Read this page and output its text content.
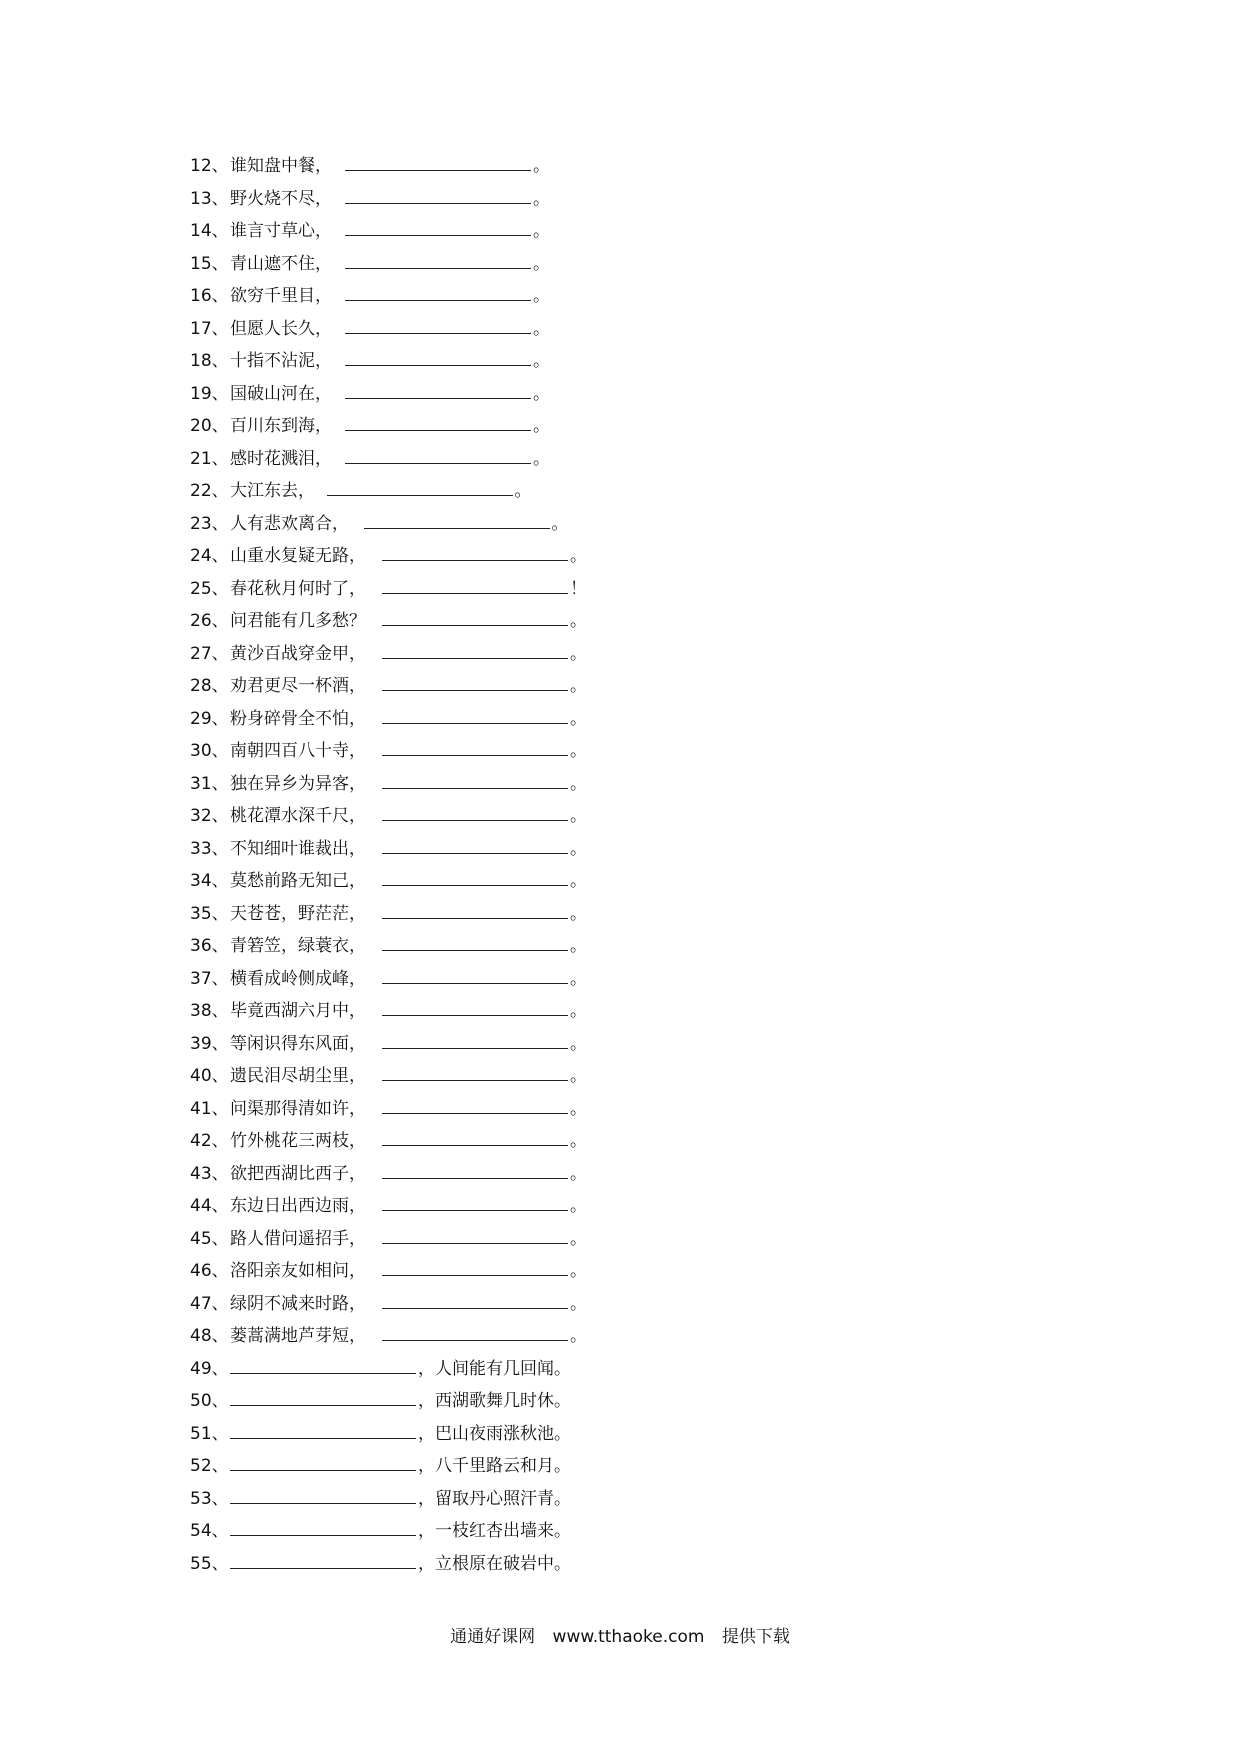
12、 谁知盘中餐，	。
13、 野火烧不尽，	。
14、 谁言寸草心，	。
15、 青山遮不住，	。
16、 欲穷千里目，	。
17、 但愿人长久，	。
18、 十指不沾泥，	。
19、 国破山河在，	。
20、 百川东到海，	。
21、 感时花溅泪，	。
22、 大江东去，	。
23、 人有悲欢离合，	。
24、 山重水复疑无路，	。
25、 春花秋月何时了，	！
26、 问君能有几多愁？	。
27、 黄沙百战穿金甲，	。
28、 劝君更尽一杯酒，	。
29、 粉身碎骨全不怕，	。
30、 南朝四百八十寺，	。
31、 独在异乡为异客，	。
32、 桃花潭水深千尺，	。
33、 不知细叶谁裁出，	。
34、 莫愁前路无知己，	。
35、 天苍苍，野茫茫，	。
36、 青箬笠，绿蓑衣，	。
37、 横看成岭侧成峰，	。
38、 毕竟西湖六月中，	。
39、 等闲识得东风面，	。
40、 遗民泪尽胡尘里，	。
41、 问渠那得清如许，	。
42、 竹外桃花三两枝，	。
43、 欲把西湖比西子，	。
44、 东边日出西边雨，	。
45、 路人借问遥招手，	。
46、 洛阳亲友如相问，	。
47、 绿阴不减来时路，	。
48、 蒌蒿满地芦芽短，	。
49、	，人间能有几回闻。
50、	，西湖歌舞几时休。
51、	，巴山夜雨涨秋池。
52、	，八千里路云和月。
53、	，留取丹心照汗青。
54、	，一枝红杏出墙来。
55、	，立根原在破岩中。
通通好课网 www.tthaoke.com 提供下载
